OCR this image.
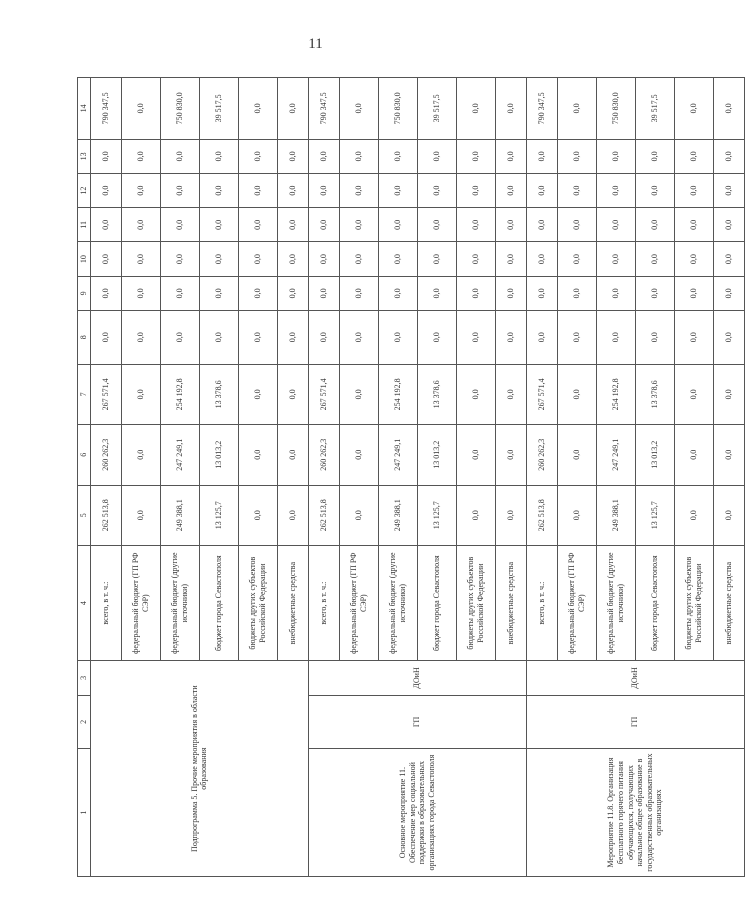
11
1	2	3	4	5	6	7	8	9	10	11	12	13	14
Подпрограмма 5. Прочие мероприятия в области образования			всего, в т. ч.:	262 513,8	260 262,3	267 571,4	0,0	0,0	0,0	0,0	0,0	0,0	790 347,5
			федеральный бюджет (ГП РФ СЭР)	0,0	0,0	0,0	0,0	0,0	0,0	0,0	0,0	0,0	0,0
			федеральный бюджет (другие источники)	249 388,1	247 249,1	254 192,8	0,0	0,0	0,0	0,0	0,0	0,0	750 830,0
			бюджет города Севастополя	13 125,7	13 013,2	13 378,6	0,0	0,0	0,0	0,0	0,0	0,0	39 517,5
			бюджеты других субъектов Российской Федерации	0,0	0,0	0,0	0,0	0,0	0,0	0,0	0,0	0,0	0,0
			внебюджетные средства	0,0	0,0	0,0	0,0	0,0	0,0	0,0	0,0	0,0	0,0
Основное мероприятие 11. Обеспечение мер социальной поддержки в образовательных организациях города Севастополя	ГП	ДОиН	всего, в т. ч.:	262 513,8	260 262,3	267 571,4	0,0	0,0	0,0	0,0	0,0	0,0	790 347,5
			федеральный бюджет (ГП РФ СЭР)	0,0	0,0	0,0	0,0	0,0	0,0	0,0	0,0	0,0	0,0
			федеральный бюджет (другие источники)	249 388,1	247 249,1	254 192,8	0,0	0,0	0,0	0,0	0,0	0,0	750 830,0
			бюджет города Севастополя	13 125,7	13 013,2	13 378,6	0,0	0,0	0,0	0,0	0,0	0,0	39 517,5
			бюджеты других субъектов Российской Федерации	0,0	0,0	0,0	0,0	0,0	0,0	0,0	0,0	0,0	0,0
			внебюджетные средства	0,0	0,0	0,0	0,0	0,0	0,0	0,0	0,0	0,0	0,0
Мероприятие 11.8. Организация бесплатного горячего питания обучающихся, получающих начальное общее образование в государственных образовательных организациях	ГП	ДОиН	всего, в т. ч.:	262 513,8	260 262,3	267 571,4	0,0	0,0	0,0	0,0	0,0	0,0	790 347,5
			федеральный бюджет (ГП РФ СЭР)	0,0	0,0	0,0	0,0	0,0	0,0	0,0	0,0	0,0	0,0
			федеральный бюджет (другие источники)	249 388,1	247 249,1	254 192,8	0,0	0,0	0,0	0,0	0,0	0,0	750 830,0
			бюджет города Севастополя	13 125,7	13 013,2	13 378,6	0,0	0,0	0,0	0,0	0,0	0,0	39 517,5
			бюджеты других субъектов Российской Федерации	0,0	0,0	0,0	0,0	0,0	0,0	0,0	0,0	0,0	0,0
			внебюджетные средства	0,0	0,0	0,0	0,0	0,0	0,0	0,0	0,0	0,0	0,0
